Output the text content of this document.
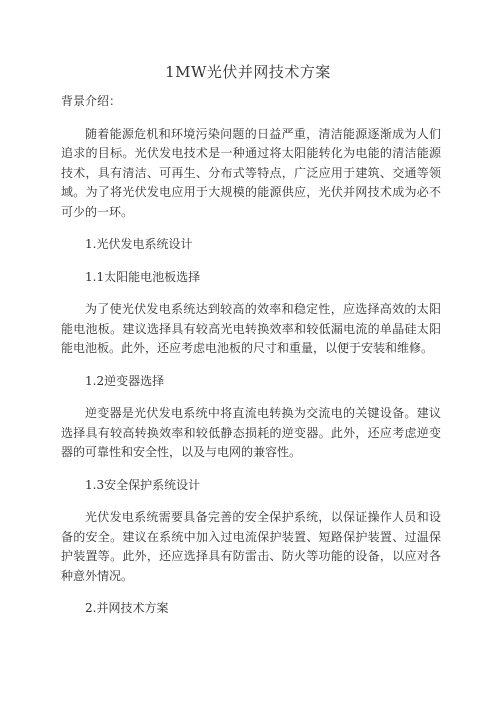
1MW光伏并网技术方案

背景介绍：

随着能源危机和环境污染问题的日益严重，清洁能源逐渐成为人们追求的目标。光伏发电技术是一种通过将太阳能转化为电能的清洁能源技术，具有清洁、可再生、分布式等特点，广泛应用于建筑、交通等领域。为了将光伏发电应用于大规模的能源供应，光伏并网技术成为必不可少的一环。

1.光伏发电系统设计

1.1太阳能电池板选择

为了使光伏发电系统达到较高的效率和稳定性，应选择高效的太阳能电池板。建议选择具有较高光电转换效率和较低漏电流的单晶硅太阳能电池板。此外，还应考虑电池板的尺寸和重量，以便于安装和维修。

1.2逆变器选择

逆变器是光伏发电系统中将直流电转换为交流电的关键设备。建议选择具有较高转换效率和较低静态损耗的逆变器。此外，还应考虑逆变器的可靠性和安全性，以及与电网的兼容性。

1.3安全保护系统设计

光伏发电系统需要具备完善的安全保护系统，以保证操作人员和设备的安全。建议在系统中加入过电流保护装置、短路保护装置、过温保护装置等。此外，还应选择具有防雷击、防火等功能的设备，以应对各种意外情况。

2.并网技术方案
